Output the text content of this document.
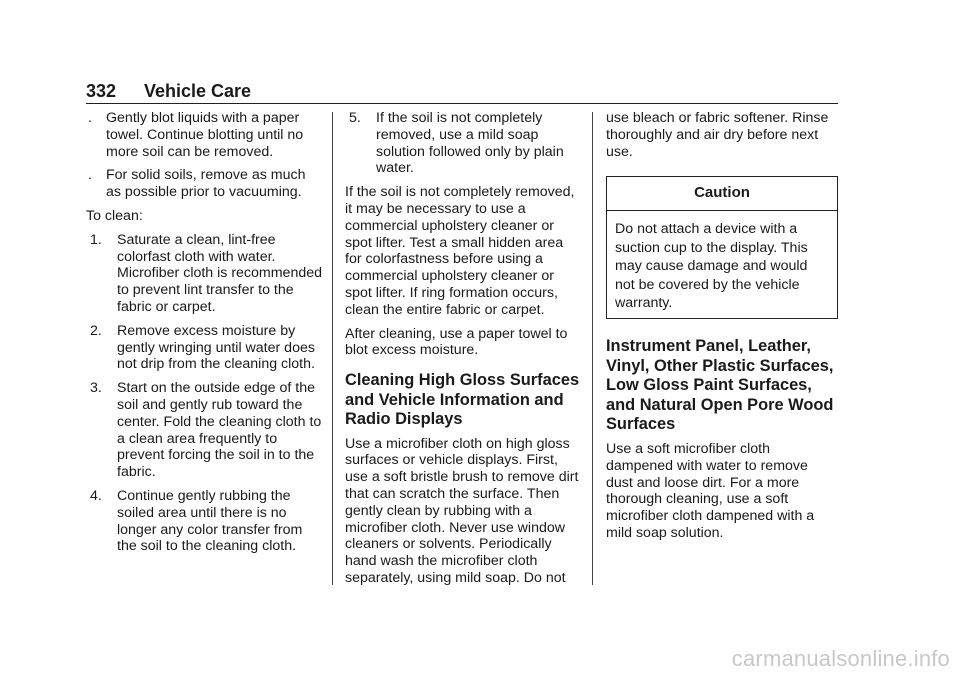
332 Vehicle Care
. Gently blot liquids with a paper towel. Continue blotting until no more soil can be removed.
. For solid soils, remove as much as possible prior to vacuuming.
To clean:
1. Saturate a clean, lint-free colorfast cloth with water. Microfiber cloth is recommended to prevent lint transfer to the fabric or carpet.
2. Remove excess moisture by gently wringing until water does not drip from the cleaning cloth.
3. Start on the outside edge of the soil and gently rub toward the center. Fold the cleaning cloth to a clean area frequently to prevent forcing the soil in to the fabric.
4. Continue gently rubbing the soiled area until there is no longer any color transfer from the soil to the cleaning cloth.
5. If the soil is not completely removed, use a mild soap solution followed only by plain water.
If the soil is not completely removed, it may be necessary to use a commercial upholstery cleaner or spot lifter. Test a small hidden area for colorfastness before using a commercial upholstery cleaner or spot lifter. If ring formation occurs, clean the entire fabric or carpet.
After cleaning, use a paper towel to blot excess moisture.
Cleaning High Gloss Surfaces and Vehicle Information and Radio Displays
Use a microfiber cloth on high gloss surfaces or vehicle displays. First, use a soft bristle brush to remove dirt that can scratch the surface. Then gently clean by rubbing with a microfiber cloth. Never use window cleaners or solvents. Periodically hand wash the microfiber cloth separately, using mild soap. Do not
use bleach or fabric softener. Rinse thoroughly and air dry before next use.
Caution
Do not attach a device with a suction cup to the display. This may cause damage and would not be covered by the vehicle warranty.
Instrument Panel, Leather, Vinyl, Other Plastic Surfaces, Low Gloss Paint Surfaces, and Natural Open Pore Wood Surfaces
Use a soft microfiber cloth dampened with water to remove dust and loose dirt. For a more thorough cleaning, use a soft microfiber cloth dampened with a mild soap solution.
carmanualsonline.info
